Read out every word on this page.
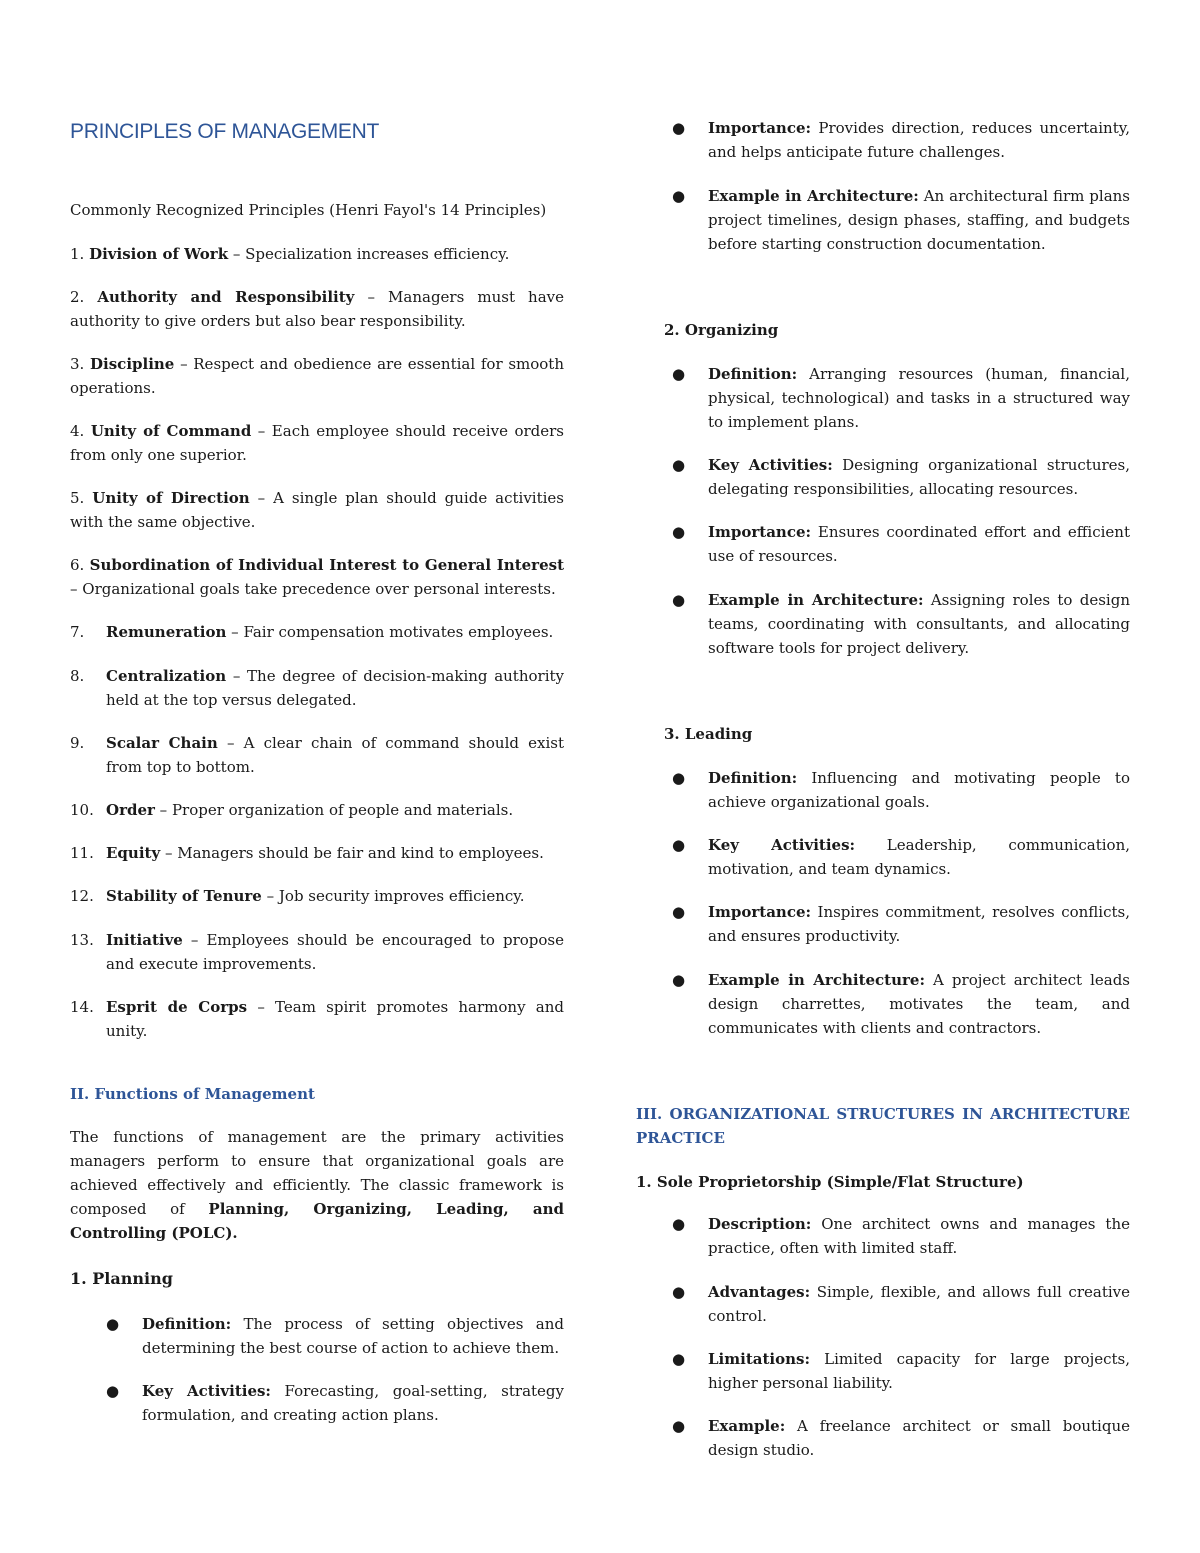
PRINCIPLES OF MANAGEMENT

Commonly Recognized Principles (Henri Fayol's 14 Principles)

1. Division of Work – Specialization increases efficiency.

2. Authority and Responsibility – Managers must have authority to give orders but also bear responsibility.

3. Discipline – Respect and obedience are essential for smooth operations.

4. Unity of Command – Each employee should receive orders from only one superior.

5. Unity of Direction – A single plan should guide activities with the same objective.

6. Subordination of Individual Interest to General Interest – Organizational goals take precedence over personal interests.

7. Remuneration – Fair compensation motivates employees.
8. Centralization – The degree of decision-making authority held at the top versus delegated.
9. Scalar Chain – A clear chain of command should exist from top to bottom.
10. Order – Proper organization of people and materials.
11. Equity – Managers should be fair and kind to employees.
12. Stability of Tenure – Job security improves efficiency.
13. Initiative – Employees should be encouraged to propose and execute improvements.
14. Esprit de Corps – Team spirit promotes harmony and unity.

II. Functions of Management

The functions of management are the primary activities managers perform to ensure that organizational goals are achieved effectively and efficiently. The classic framework is composed of Planning, Organizing, Leading, and Controlling (POLC).

1. Planning

● Definition: The process of setting objectives and determining the best course of action to achieve them.
● Key Activities: Forecasting, goal-setting, strategy formulation, and creating action plans.
● Importance: Provides direction, reduces uncertainty, and helps anticipate future challenges.
● Example in Architecture: An architectural firm plans project timelines, design phases, staffing, and budgets before starting construction documentation.

2. Organizing

● Definition: Arranging resources (human, financial, physical, technological) and tasks in a structured way to implement plans.
● Key Activities: Designing organizational structures, delegating responsibilities, allocating resources.
● Importance: Ensures coordinated effort and efficient use of resources.
● Example in Architecture: Assigning roles to design teams, coordinating with consultants, and allocating software tools for project delivery.

3. Leading

● Definition: Influencing and motivating people to achieve organizational goals.
● Key Activities: Leadership, communication, motivation, and team dynamics.
● Importance: Inspires commitment, resolves conflicts, and ensures productivity.
● Example in Architecture: A project architect leads design charrettes, motivates the team, and communicates with clients and contractors.

III. ORGANIZATIONAL STRUCTURES IN ARCHITECTURE PRACTICE

1. Sole Proprietorship (Simple/Flat Structure)

● Description: One architect owns and manages the practice, often with limited staff.
● Advantages: Simple, flexible, and allows full creative control.
● Limitations: Limited capacity for large projects, higher personal liability.
● Example: A freelance architect or small boutique design studio.
